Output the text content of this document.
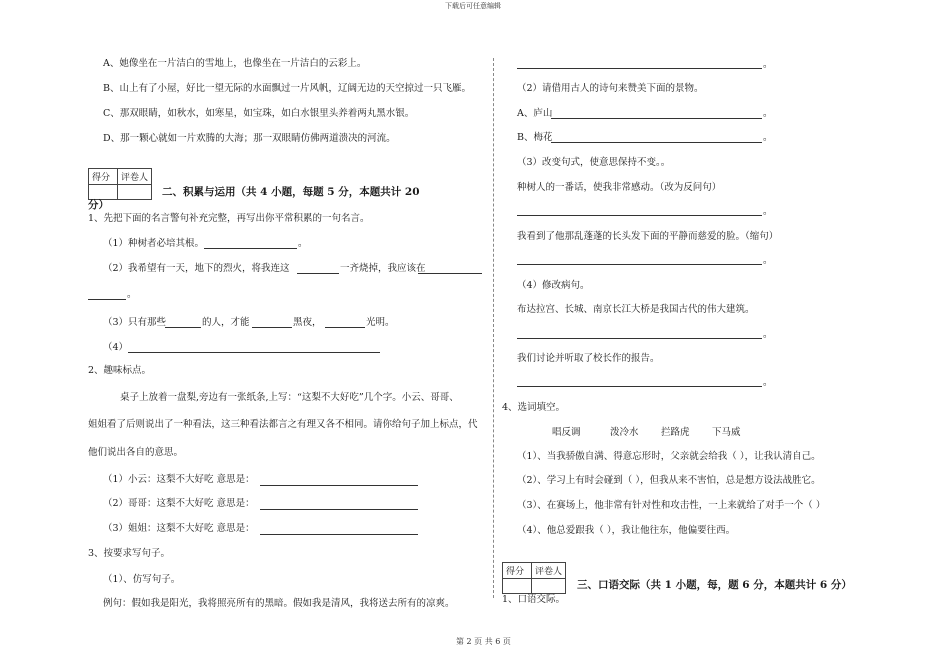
下载后可任意编辑
A、她像坐在一片洁白的雪地上，也像坐在一片洁白的云彩上。
B、山上有了小屋，好比一望无际的水面飘过一片风帆，辽阔无边的天空掠过一只飞雁。
C、那双眼睛，如秋水，如寒星，如宝珠，如白水银里头养着两丸黑水银。
D、那一颗心就如一片欢腾的大海；那一双眼睛仿佛两道溃决的河流。
得分	评卷人

二、积累与运用（共 4 小题，每题 5 分，本题共计 20
分）
1、先把下面的名言警句补充完整，再写出你平常积累的一句名言。
（1）种树者必培其根。	。
（2）我希望有一天，地下的烈火，将我连这	一齐烧掉，我应该在
。
（3）只有那些	的人，才能	黑夜，	光明。
（4）
2、趣味标点。
桌子上放着一盘梨,旁边有一张纸条,上写：“这梨不大好吃”几个字。小云、哥哥、
姐姐看了后则说出了一种看法，这三种看法都言之有理又各不相同。请你给句子加上标点，代
他们说出各自的意思。
（1）小云：这梨不大好吃 意思是：
（2）哥哥：这梨不大好吃 意思是：
（3）姐姐：这梨不大好吃 意思是：
3、按要求写句子。
（1）、仿写句子。
例句：假如我是阳光，我将照亮所有的黑暗。假如我是清风，我将送去所有的凉爽。
。
（2）请借用古人的诗句来赞美下面的景物。
A、庐山	。
B、梅花	。
（3）改变句式，使意思保持不变。。
种树人的一番话，使我非常感动。（改为反问句）
。
我看到了他那乱蓬蓬的长头发下面的平静而慈爱的脸。（缩句）
。
（4）修改病句。
布达拉宫、长城、南京长江大桥是我国古代的伟大建筑。
。
我们讨论并听取了校长作的报告。
。
4、选词填空。
唱反调	泼冷水 拦路虎 下马威
（1）、当我骄傲自满、得意忘形时，父亲就会给我（ ），让我认清自己。
（2）、学习上有时会碰到（ ），但我从来不害怕，总是想方设法战胜它。
（3）、在赛场上，他非常有针对性和攻击性，一上来就给了对手一个（ ）
（4）、他总爱跟我（ ），我让他往东，他偏要往西。
得分	评卷人

三、口语交际（共 1 小题，每，题 6 分，本题共计 6 分）
1、口语交际。
第 2 页 共 6 页
